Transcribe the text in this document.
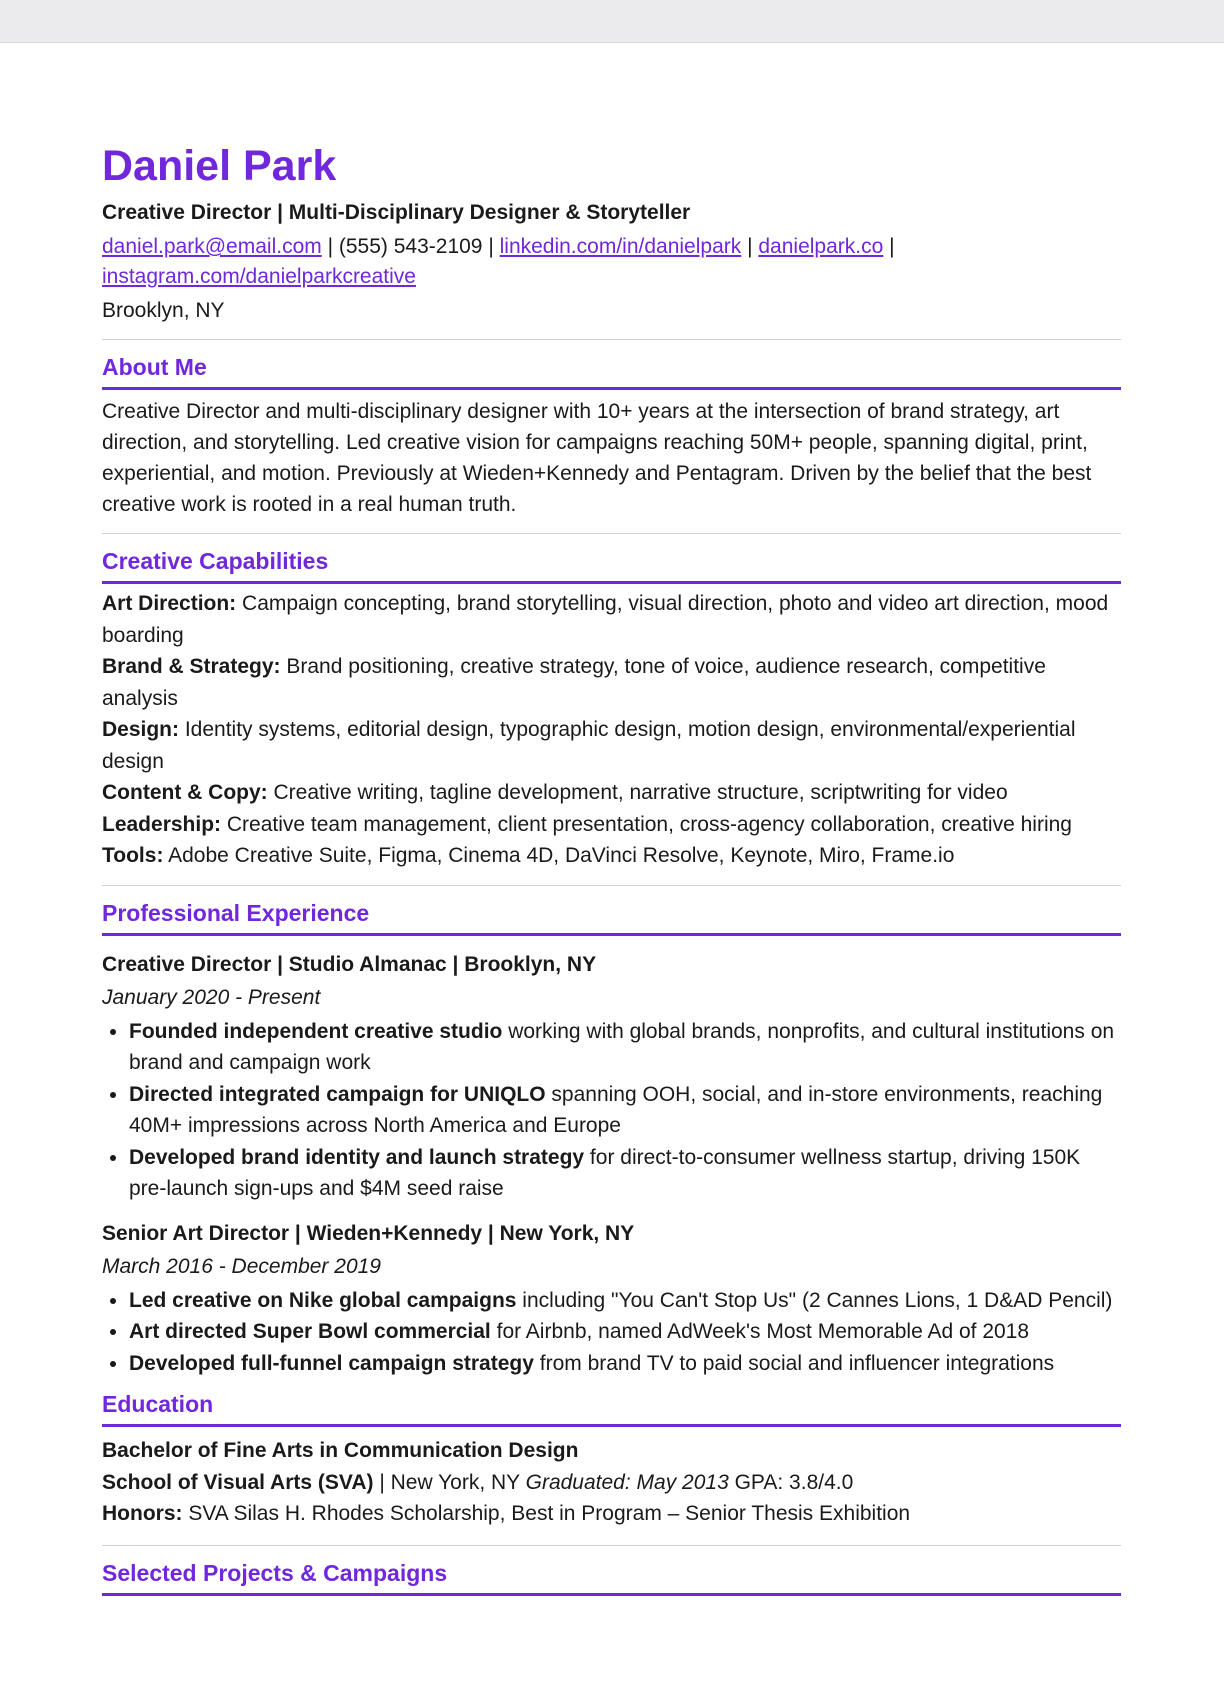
Daniel Park
Creative Director | Multi-Disciplinary Designer & Storyteller
daniel.park@email.com | (555) 543-2109 | linkedin.com/in/danielpark | danielpark.co |
instagram.com/danielparkcreative
Brooklyn, NY
About Me

Creative Director and multi-disciplinary designer with 10+ years at the intersection of brand strategy, art direction, and storytelling. Led creative vision for campaigns reaching 50M+ people, spanning digital, print, experiential, and motion. Previously at Wieden+Kennedy and Pentagram. Driven by the belief that the best creative work is rooted in a real human truth.

Creative Capabilities
Art Direction: Campaign concepting, brand storytelling, visual direction, photo and video art direction, mood boarding
Brand & Strategy: Brand positioning, creative strategy, tone of voice, audience research, competitive analysis
Design: Identity systems, editorial design, typographic design, motion design, environmental/experiential design
Content & Copy: Creative writing, tagline development, narrative structure, scriptwriting for video
Leadership: Creative team management, client presentation, cross-agency collaboration, creative hiring
Tools: Adobe Creative Suite, Figma, Cinema 4D, DaVinci Resolve, Keynote, Miro, Frame.io
Professional Experience
Creative Director | Studio Almanac | Brooklyn, NY
January 2020 - Present
• Founded independent creative studio working with global brands, nonprofits, and cultural institutions on brand and campaign work
• Directed integrated campaign for UNIQLO spanning OOH, social, and in-store environments, reaching 40M+ impressions across North America and Europe
• Developed brand identity and launch strategy for direct-to-consumer wellness startup, driving 150K pre-launch sign-ups and $4M seed raise
Senior Art Director | Wieden+Kennedy | New York, NY
March 2016 - December 2019
• Led creative on Nike global campaigns including "You Can't Stop Us" (2 Cannes Lions, 1 D&AD Pencil)
• Art directed Super Bowl commercial for Airbnb, named AdWeek's Most Memorable Ad of 2018
• Developed full-funnel campaign strategy from brand TV to paid social and influencer integrations
Education
Bachelor of Fine Arts in Communication Design
School of Visual Arts (SVA) | New York, NY Graduated: May 2013 GPA: 3.8/4.0
Honors: SVA Silas H. Rhodes Scholarship, Best in Program – Senior Thesis Exhibition
Selected Projects & Campaigns
